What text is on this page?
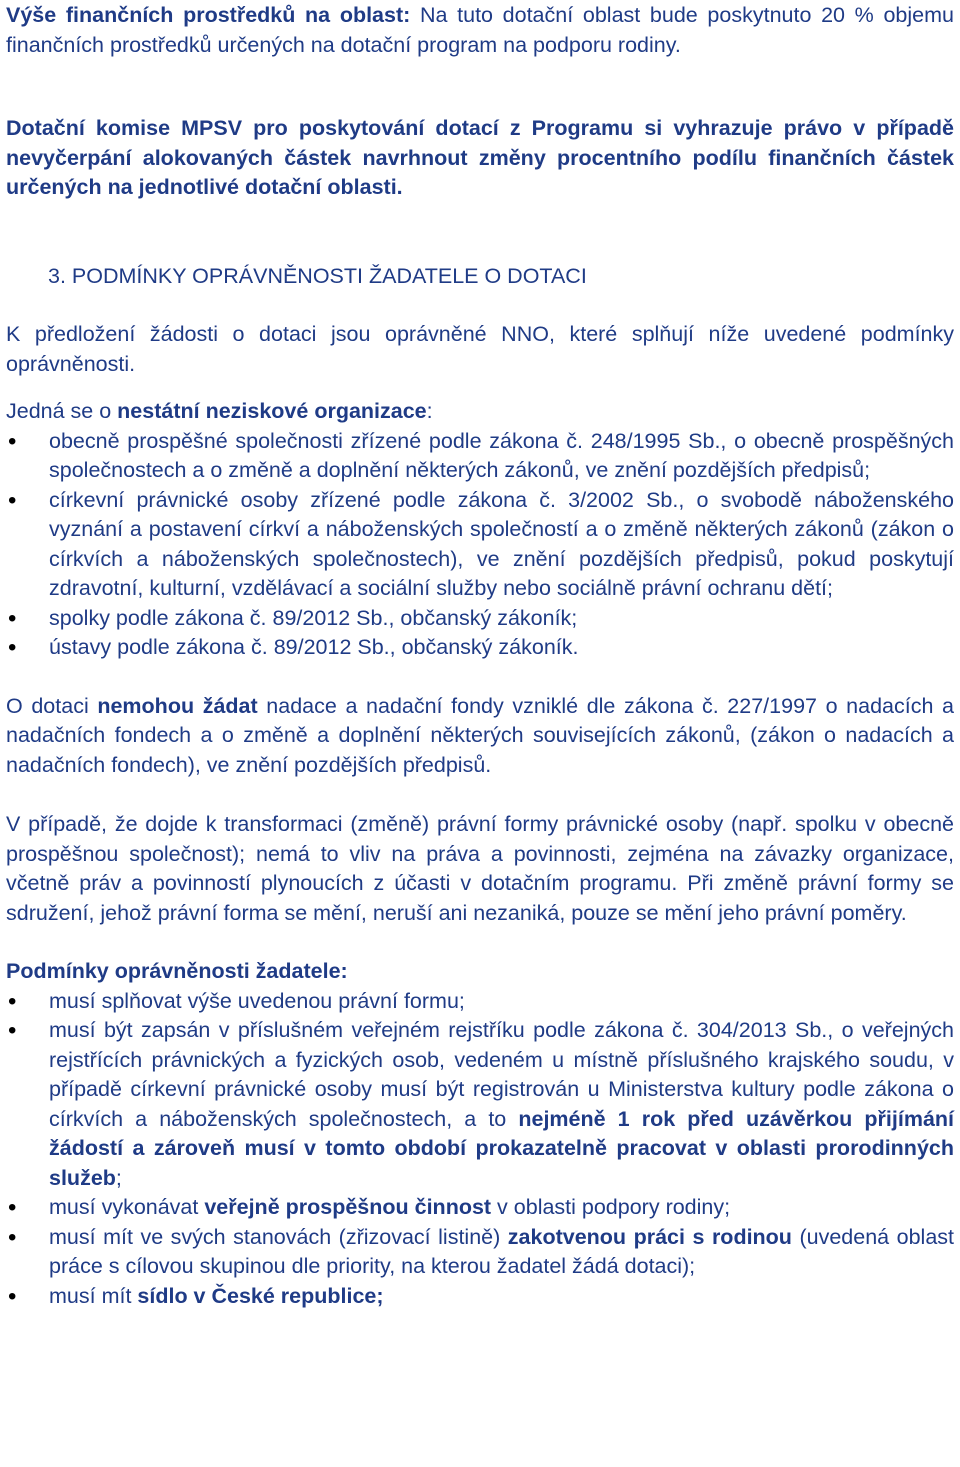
Výše finančních prostředků na oblast: Na tuto dotační oblast bude poskytnuto 20 % objemu finančních prostředků určených na dotační program na podporu rodiny.

Dotační komise MPSV pro poskytování dotací z Programu si vyhrazuje právo v případě nevyčerpání alokovaných částek navrhnout změny procentního podílu finančních částek určených na jednotlivé dotační oblasti.

3. PODMÍNKY OPRÁVNĚNOSTI ŽADATELE O DOTACI

K předložení žádosti o dotaci jsou oprávněné NNO, které splňují níže uvedené podmínky oprávněnosti.

Jedná se o nestátní neziskové organizace:

• obecně prospěšné společnosti zřízené podle zákona č. 248/1995 Sb., o obecně prospěšných společnostech a o změně a doplnění některých zákonů, ve znění pozdějších předpisů;
• církevní právnické osoby zřízené podle zákona č. 3/2002 Sb., o svobodě náboženského vyznání a postavení církví a náboženských společností a o změně některých zákonů (zákon o církvích a náboženských společnostech), ve znění pozdějších předpisů, pokud poskytují zdravotní, kulturní, vzdělávací a sociální služby nebo sociálně právní ochranu dětí;
• spolky podle zákona č. 89/2012 Sb., občanský zákoník;
• ústavy podle zákona č. 89/2012 Sb., občanský zákoník.

O dotaci nemohou žádat nadace a nadační fondy vzniklé dle zákona č. 227/1997 o nadacích a nadačních fondech a o změně a doplnění některých souvisejících zákonů, (zákon o nadacích a nadačních fondech), ve znění pozdějších předpisů.

V případě, že dojde k transformaci (změně) právní formy právnické osoby (např. spolku v obecně prospěšnou společnost); nemá to vliv na práva a povinnosti, zejména na závazky organizace, včetně práv a povinností plynoucích z účasti v dotačním programu. Při změně právní formy se sdružení, jehož právní forma se mění, neruší ani nezaniká, pouze se mění jeho právní poměry.

Podmínky oprávněnosti žadatele:

• musí splňovat výše uvedenou právní formu;
• musí být zapsán v příslušném veřejném rejstříku podle zákona č. 304/2013 Sb., o veřejných rejstřících právnických a fyzických osob, vedeném u místně příslušného krajského soudu, v případě církevní právnické osoby musí být registrován u Ministerstva kultury podle zákona o církvích a náboženských společnostech, a to nejméně 1 rok před uzávěrkou přijímání žádostí a zároveň musí v tomto období prokazatelně pracovat v oblasti prorodinných služeb;
• musí vykonávat veřejně prospěšnou činnost v oblasti podpory rodiny;
• musí mít ve svých stanovách (zřizovací listině) zakotvenou práci s rodinou (uvedená oblast práce s cílovou skupinou dle priority, na kterou žadatel žádá dotaci);
• musí mít sídlo v České republice;
